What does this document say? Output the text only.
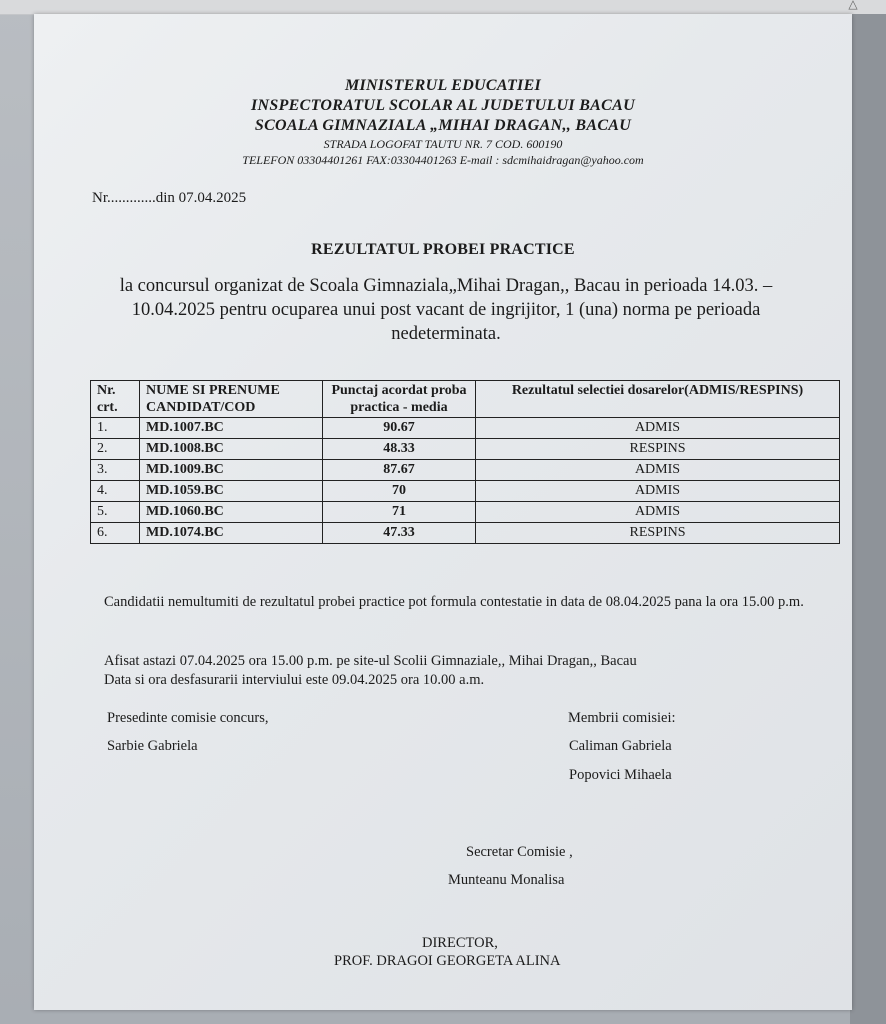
△
MINISTERUL EDUCATIEI
INSPECTORATUL SCOLAR AL JUDETULUI BACAU
SCOALA GIMNAZIALA „MIHAI DRAGAN,, BACAU
STRADA LOGOFAT TAUTU NR. 7 COD. 600190
TELEFON 03304401261 FAX:03304401263 E-mail : sdcmihaidragan@yahoo.com
Nr.............din 07.04.2025
REZULTATUL PROBEI PRACTICE
la concursul organizat de Scoala Gimnaziala„Mihai Dragan,, Bacau in perioada 14.03. – 10.04.2025 pentru ocuparea unui post vacant de ingrijitor, 1 (una) norma pe perioada nedeterminata.
Nr. crt.	NUME SI PRENUME CANDIDAT/COD	Punctaj acordat proba practica - media	Rezultatul selectiei dosarelor(ADMIS/RESPINS)
1.	MD.1007.BC	90.67	ADMIS
2.	MD.1008.BC	48.33	RESPINS
3.	MD.1009.BC	87.67	ADMIS
4.	MD.1059.BC	70	ADMIS
5.	MD.1060.BC	71	ADMIS
6.	MD.1074.BC	47.33	RESPINS
Candidatii nemultumiti de rezultatul probei practice pot formula contestatie in data de 08.04.2025 pana la ora 15.00 p.m.
Afisat astazi 07.04.2025 ora 15.00 p.m. pe site-ul Scolii Gimnaziale,, Mihai Dragan,, Bacau
Data si ora desfasurarii interviului este 09.04.2025 ora 10.00 a.m.
Presedinte comisie concurs,
Sarbie Gabriela
Membrii comisiei:
Caliman Gabriela
Popovici Mihaela
Secretar Comisie ,
Munteanu Monalisa
DIRECTOR,
PROF. DRAGOI GEORGETA ALINA
